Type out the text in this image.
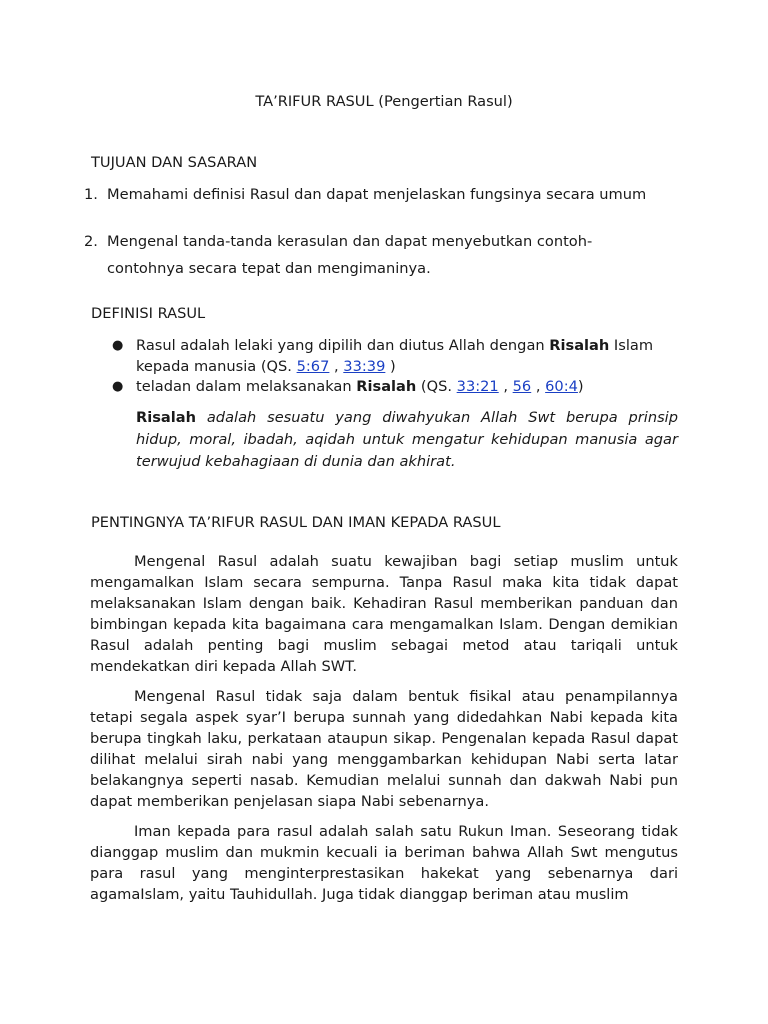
TA’RIFUR RASUL (Pengertian Rasul)
TUJUAN DAN SASARAN
1. Memahami definisi Rasul dan dapat menjelaskan fungsinya secara umum
2. Mengenal tanda-tanda kerasulan dan dapat menyebutkan contoh-contohnya secara tepat dan mengimaninya.
DEFINISI RASUL
● Rasul adalah lelaki yang dipilih dan diutus Allah dengan Risalah Islam kepada manusia (QS. 5:67 , 33:39 )
● teladan dalam melaksanakan Risalah (QS. 33:21 , 56 , 60:4)
Risalah adalah sesuatu yang diwahyukan Allah Swt berupa prinsip hidup, moral, ibadah, aqidah untuk mengatur kehidupan manusia agar terwujud kebahagiaan di dunia dan akhirat.
PENTINGNYA TA’RIFUR RASUL DAN IMAN KEPADA RASUL
Mengenal Rasul adalah suatu kewajiban bagi setiap muslim untuk mengamalkan Islam secara sempurna. Tanpa Rasul maka kita tidak dapat melaksanakan Islam dengan baik. Kehadiran Rasul memberikan panduan dan bimbingan kepada kita bagaimana cara mengamalkan Islam. Dengan demikian Rasul adalah penting bagi muslim sebagai metod atau tariqali untuk mendekatkan diri kepada Allah SWT.
Mengenal Rasul tidak saja dalam bentuk fisikal atau penampilannya tetapi segala aspek syar’I berupa sunnah yang didedahkan Nabi kepada kita berupa tingkah laku, perkataan ataupun sikap. Pengenalan kepada Rasul dapat dilihat melalui sirah nabi yang menggambarkan kehidupan Nabi serta latar belakangnya seperti nasab. Kemudian melalui sunnah dan dakwah Nabi pun dapat memberikan penjelasan siapa Nabi sebenarnya.
Iman kepada para rasul adalah salah satu Rukun Iman. Seseorang tidak dianggap muslim dan mukmin kecuali ia beriman bahwa Allah Swt mengutus para rasul yang menginterprestasikan hakekat yang sebenarnya dari agamaIslam, yaitu Tauhidullah. Juga tidak dianggap beriman atau muslim
